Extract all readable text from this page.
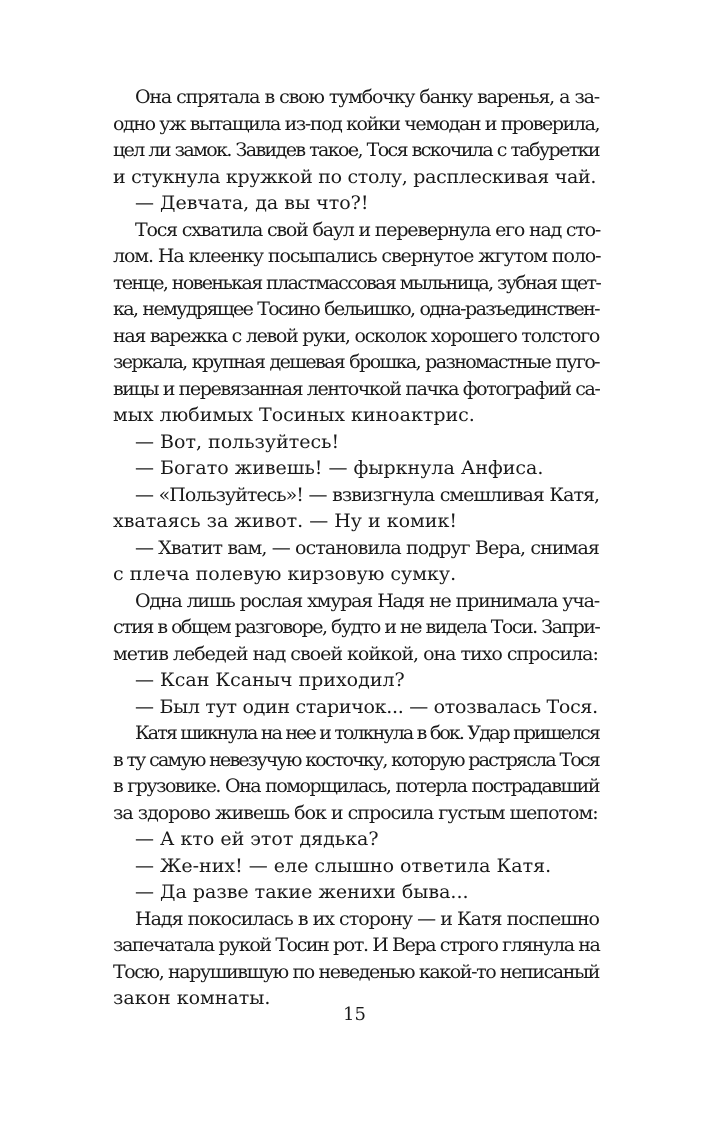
Она спрятала в свою тумбочку банку варенья, а за-
одно уж вытащила из-под койки чемодан и проверила,
цел ли замок. Завидев такое, Тося вскочила с табуретки
и стукнула кружкой по столу, расплескивая чай.
— Девчата, да вы что?!
Тося схватила свой баул и перевернула его над сто-
лом. На клеенку посыпались свернутое жгутом поло-
тенце, новенькая пластмассовая мыльница, зубная щет-
ка, немудрящее Тосино бельишко, одна-разъединствен-
ная варежка с левой руки, осколок хорошего толстого
зеркала, крупная дешевая брошка, разномастные пуго-
вицы и перевязанная ленточкой пачка фотографий са-
мых любимых Тосиных киноактрис.
— Вот, пользуйтесь!
— Богато живешь! — фыркнула Анфиса.
— «Пользуйтесь»! — взвизгнула смешливая Катя,
хватаясь за живот. — Ну и комик!
— Хватит вам, — остановила подруг Вера, снимая
с плеча полевую кирзовую сумку.
Одна лишь рослая хмурая Надя не принимала уча-
стия в общем разговоре, будто и не видела Тоси. Запри-
метив лебедей над своей койкой, она тихо спросила:
— Ксан Ксаныч приходил?
— Был тут один старичок... — отозвалась Тося.
Катя шикнула на нее и толкнула в бок. Удар пришелся
в ту самую невезучую косточку, которую растрясла Тося
в грузовике. Она поморщилась, потерла пострадавший
за здорово живешь бок и спросила густым шепотом:
— А кто ей этот дядька?
— Же-них! — еле слышно ответила Катя.
— Да разве такие женихи быва...
Надя покосилась в их сторону — и Катя поспешно
запечатала рукой Тосин рот. И Вера строго глянула на
Тосю, нарушившую по неведенью какой-то неписаный
закон комнаты.
15
